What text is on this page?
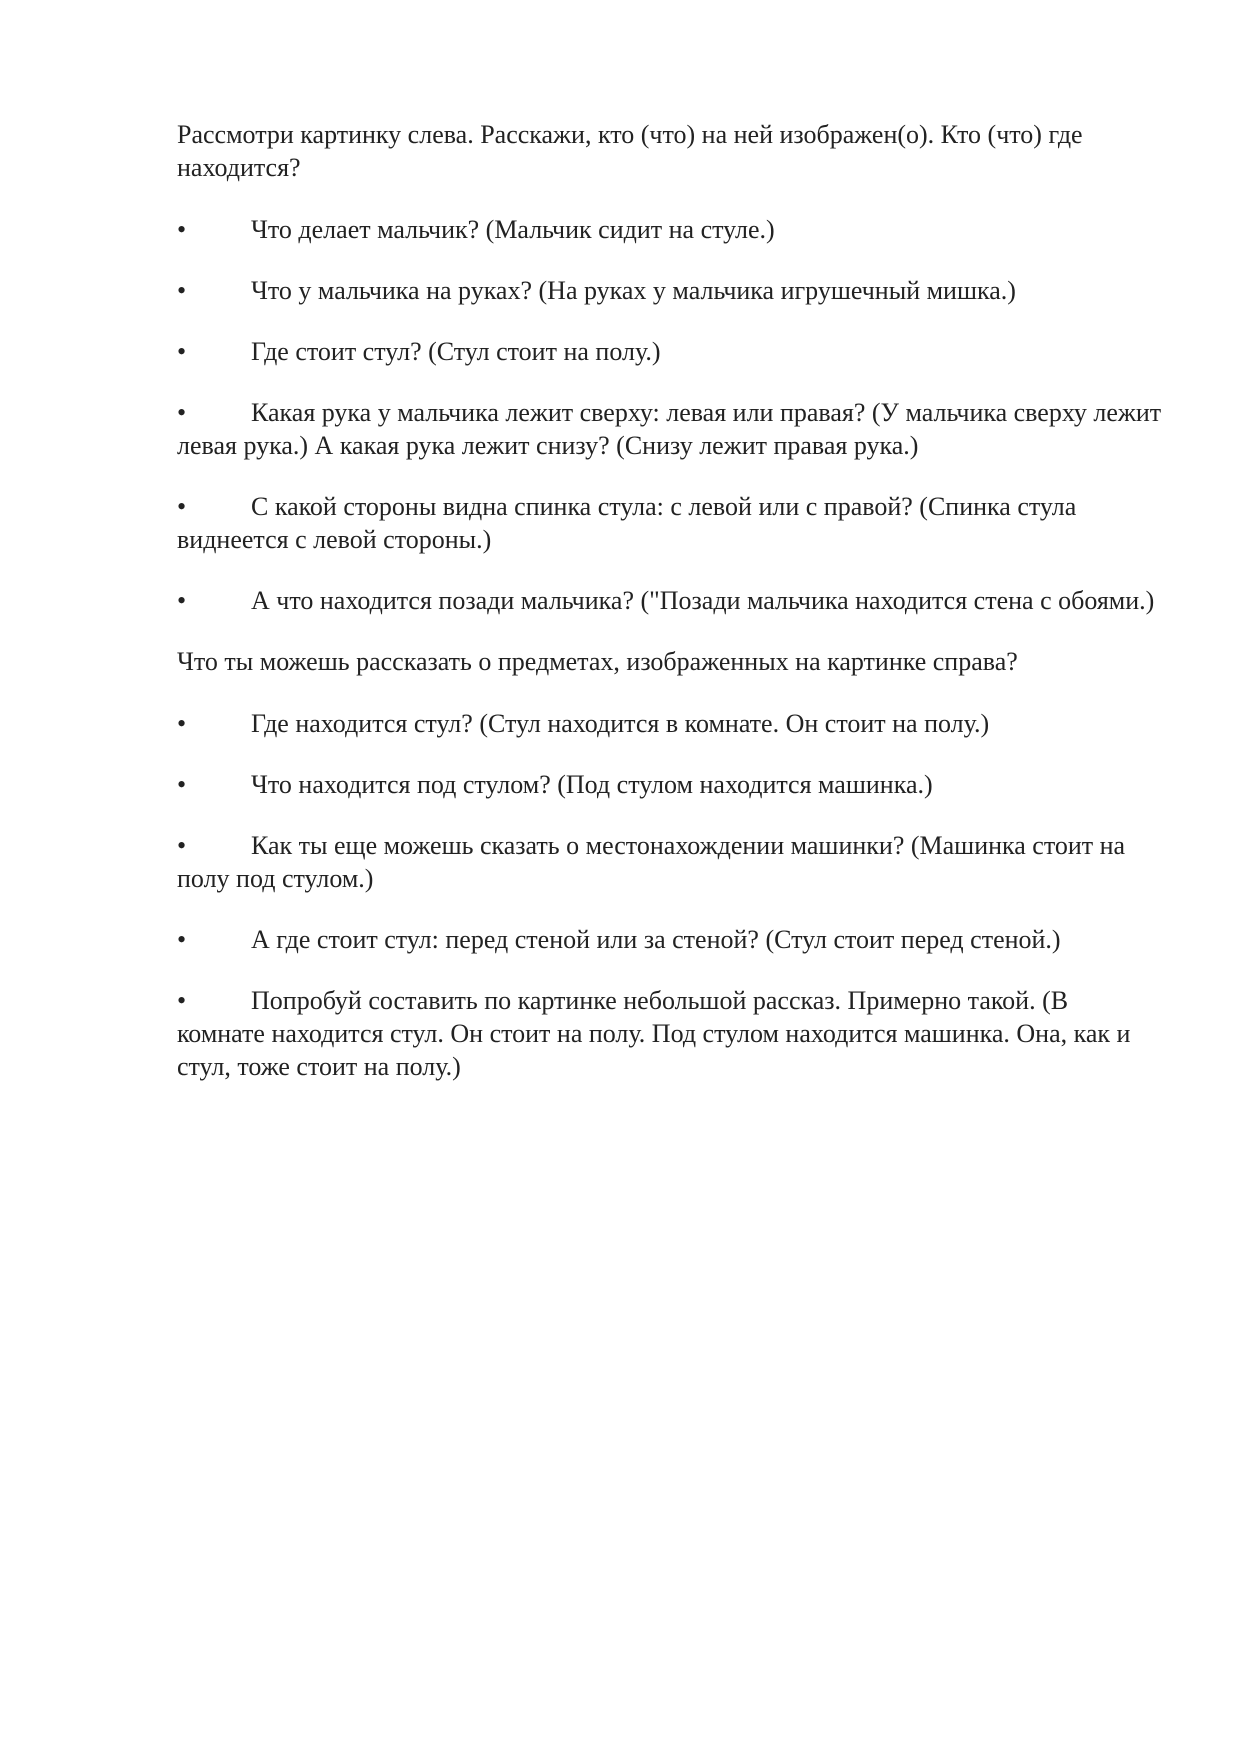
Рассмотри картинку слева. Расскажи, кто (что) на ней изображен(о). Кто (что) где находится?

• Что делает мальчик? (Мальчик сидит на стуле.)

• Что у мальчика на руках? (На руках у мальчика игрушечный мишка.)

• Где стоит стул? (Стул стоит на полу.)

• Какая рука у мальчика лежит сверху: левая или правая? (У мальчика сверху лежит левая рука.) А какая рука лежит снизу? (Снизу лежит правая рука.)

• С какой стороны видна спинка стула: с левой или с правой? (Спинка стула виднеется с левой стороны.)

• А что находится позади мальчика? ("Позади мальчика находится стена с обоями.)

Что ты можешь рассказать о предметах, изображенных на картинке справа?

• Где находится стул? (Стул находится в комнате. Он стоит на полу.)

• Что находится под стулом? (Под стулом находится машинка.)

• Как ты еще можешь сказать о местонахождении машинки? (Машинка стоит на полу под стулом.)

• А где стоит стул: перед стеной или за стеной? (Стул стоит перед стеной.)

• Попробуй составить по картинке небольшой рассказ. Примерно такой. (В комнате находится стул. Он стоит на полу. Под стулом находится машинка. Она, как и стул, тоже стоит на полу.)
